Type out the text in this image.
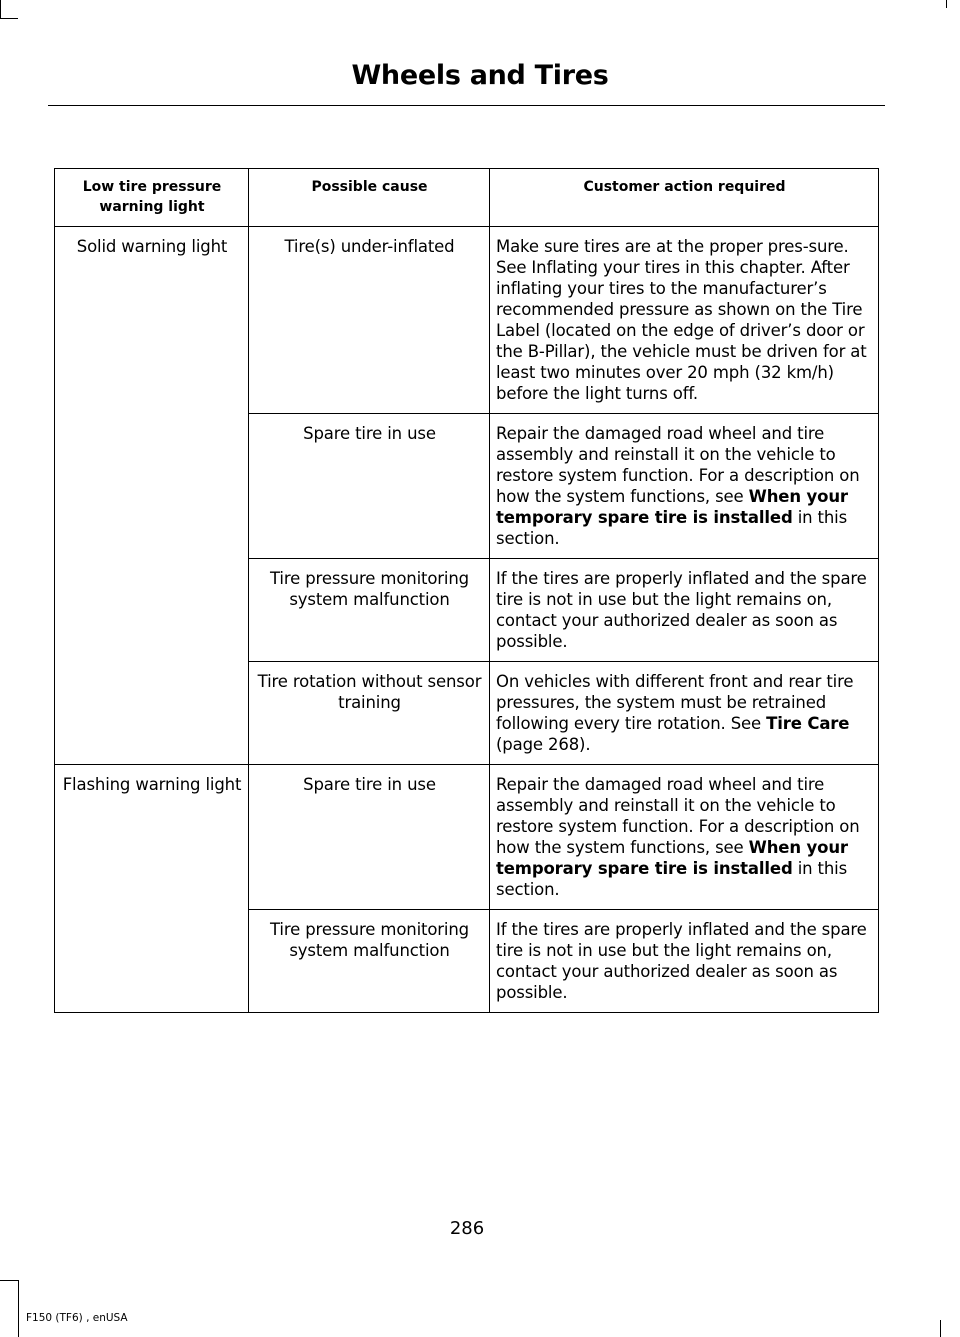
Wheels and Tires
Low tire pressure warning light	Possible cause	Customer action required
Solid warning light	Tire(s) under-inflated	Make sure tires are at the proper pres-sure. See Inflating your tires in this chapter. After inflating your tires to the manufacturer’s recommended pressure as shown on the Tire Label (located on the edge of driver’s door or the B-Pillar), the vehicle must be driven for at least two minutes over 20 mph (32 km/h) before the light turns off.
	Spare tire in use	Repair the damaged road wheel and tire assembly and reinstall it on the vehicle to restore system function. For a description on how the system functions, see When your temporary spare tire is installed in this section.
	Tire pressure monitoring system malfunction	If the tires are properly inflated and the spare tire is not in use but the light remains on, contact your authorized dealer as soon as possible.
	Tire rotation without sensor training	On vehicles with different front and rear tire pressures, the system must be retrained following every tire rotation. See Tire Care (page 268).
Flashing warning light	Spare tire in use	Repair the damaged road wheel and tire assembly and reinstall it on the vehicle to restore system function. For a description on how the system functions, see When your temporary spare tire is installed in this section.
	Tire pressure monitoring system malfunction	If the tires are properly inflated and the spare tire is not in use but the light remains on, contact your authorized dealer as soon as possible.
286
F150 (TF6) , enUSA
